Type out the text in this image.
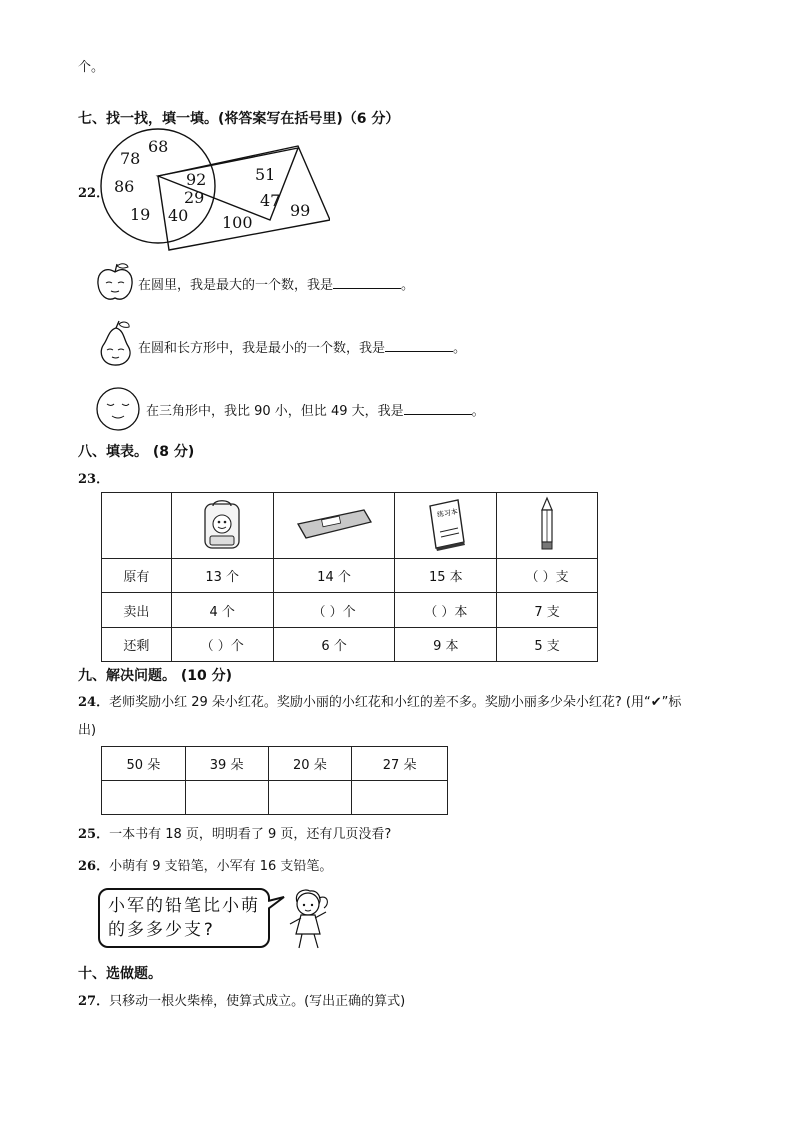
个。
七、找一找，填一填。(将答案写在括号里)（6 分）
22．
78
68
86
19
92
29
40
51
47
100
99
在圆里，我是最大的一个数，我是	。
在圆和长方形中，我是最小的一个数，我是	。
在三角形中，我比 90 小，但比 49 大，我是	。
八、填表。 (8 分)
23．

练习本

原有	13 个	14 个	15 本	（ ）支
卖出	4 个	（ ）个	（ ）本	7 支
还剩	（ ）个	6 个	9 本	5 支
九、解决问题。 (10 分)
24．老师奖励小红 29 朵小红花。奖励小丽的小红花和小红的差不多。奖励小丽多少朵小红花? (用“✔”标
出)
50 朵	39 朵	20 朵	27 朵

25．一本书有 18 页，明明看了 9 页，还有几页没看?
26．小萌有 9 支铅笔，小军有 16 支铅笔。
小军的铅笔比小萌
的多多少支?
十、选做题。
27．只移动一根火柴棒，使算式成立。(写出正确的算式)
